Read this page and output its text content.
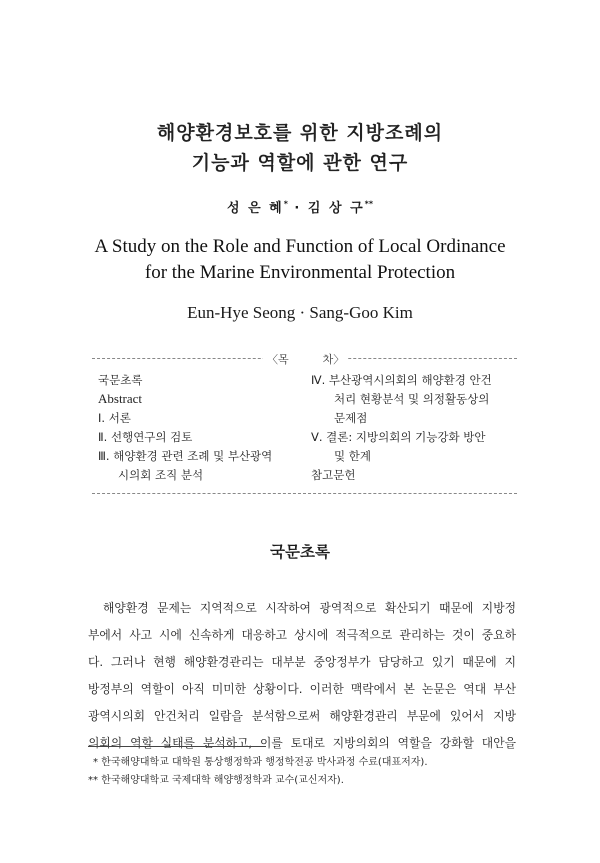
해양환경보호를 위한 지방조례의
기능과 역할에 관한 연구
성 은 혜* · 김 상 구**
A Study on the Role and Function of Local Ordinance
for the Marine Environmental Protection
Eun-Hye Seong · Sang-Goo Kim
〈목	차〉
국문초록
Abstract
Ⅰ. 서론
Ⅱ. 선행연구의 검토
Ⅲ. 해양환경 관련 조례 및 부산광역
시의회 조직 분석
Ⅳ. 부산광역시의회의 해양환경 안건
처리 현황분석 및 의정활동상의
문제점
Ⅴ. 결론: 지방의회의 기능강화 방안
및 한계
참고문헌
국문초록
해양환경 문제는 지역적으로 시작하여 광역적으로 확산되기 때문에 지방정
부에서 사고 시에 신속하게 대응하고 상시에 적극적으로 관리하는 것이 중요하
다. 그러나 현행 해양환경관리는 대부분 중앙정부가 담당하고 있기 때문에 지
방정부의 역할이 아직 미미한 상황이다. 이러한 맥락에서 본 논문은 역대 부산
광역시의회 안건처리 일람을 분석함으로써 해양환경관리 부문에 있어서 지방
의회의 역할 실태를 분석하고, 이를 토대로 지방의회의 역할을 강화할 대안을
* 한국해양대학교 대학원 통상행정학과 행정학전공 박사과정 수료(대표저자).
** 한국해양대학교 국제대학 해양행정학과 교수(교신저자).
